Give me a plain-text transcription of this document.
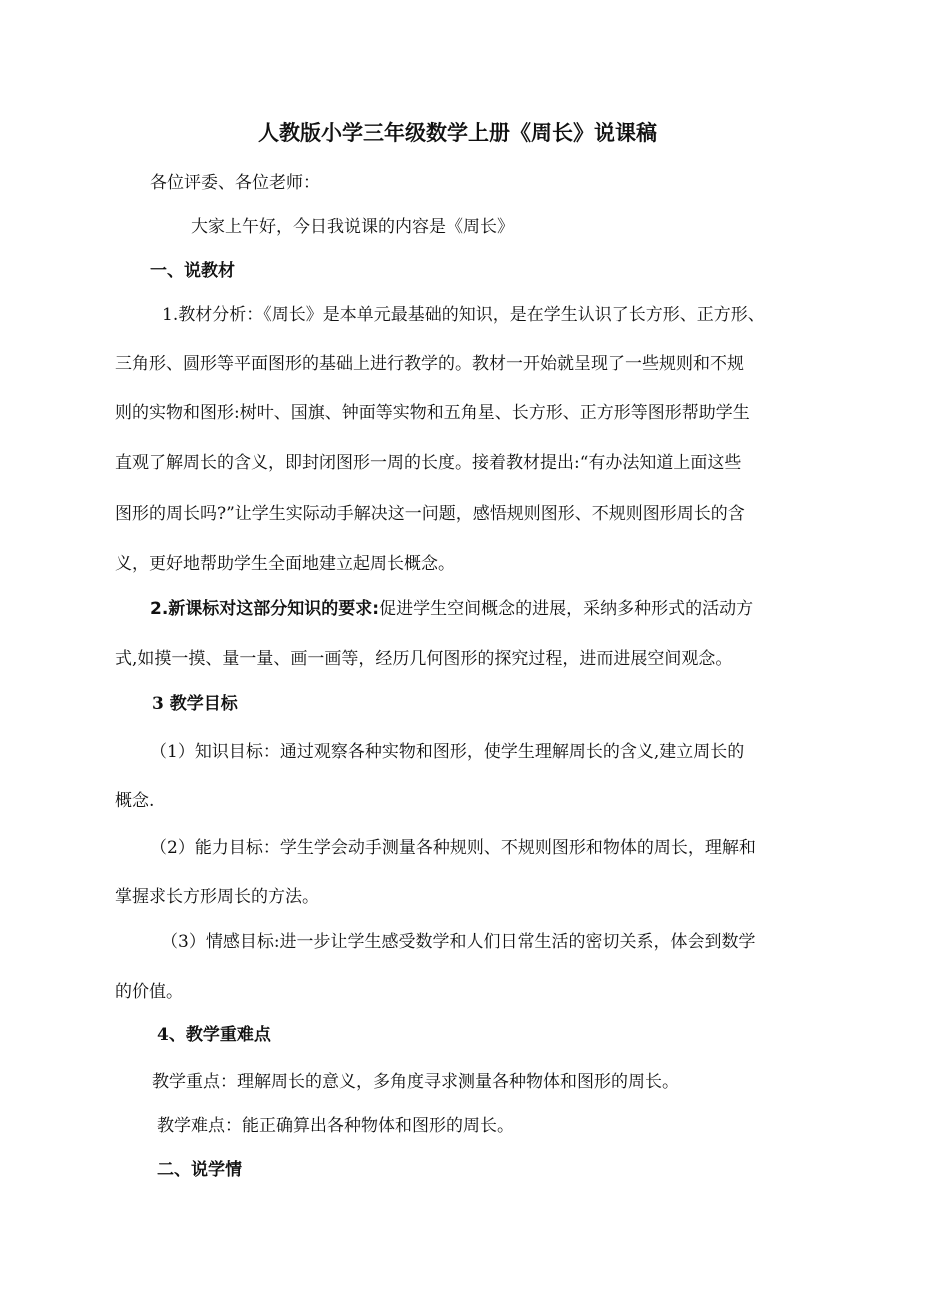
人教版小学三年级数学上册《周长》说课稿
各位评委、各位老师：
大家上午好，今日我说课的内容是《周长》
一、说教材
1.教材分析：《周长》是本单元最基础的知识，是在学生认识了长方形、正方形、
三角形、圆形等平面图形的基础上进行教学的。教材一开始就呈现了一些规则和不规
则的实物和图形:树叶、国旗、钟面等实物和五角星、长方形、正方形等图形帮助学生
直观了解周长的含义，即封闭图形一周的长度。接着教材提出:“有办法知道上面这些
图形的周长吗?”让学生实际动手解决这一问题，感悟规则图形、不规则图形周长的含
义，更好地帮助学生全面地建立起周长概念。
2.新课标对这部分知识的要求:促进学生空间概念的进展，采纳多种形式的活动方
式,如摸一摸、量一量、画一画等，经历几何图形的探究过程，进而进展空间观念。
3 教学目标
（1）知识目标：通过观察各种实物和图形，使学生理解周长的含义,建立周长的
概念.
（2）能力目标：学生学会动手测量各种规则、不规则图形和物体的周长，理解和
掌握求长方形周长的方法。
（3）情感目标:进一步让学生感受数学和人们日常生活的密切关系，体会到数学
的价值。
4、教学重难点
教学重点：理解周长的意义，多角度寻求测量各种物体和图形的周长。
教学难点：能正确算出各种物体和图形的周长。
二、说学情
